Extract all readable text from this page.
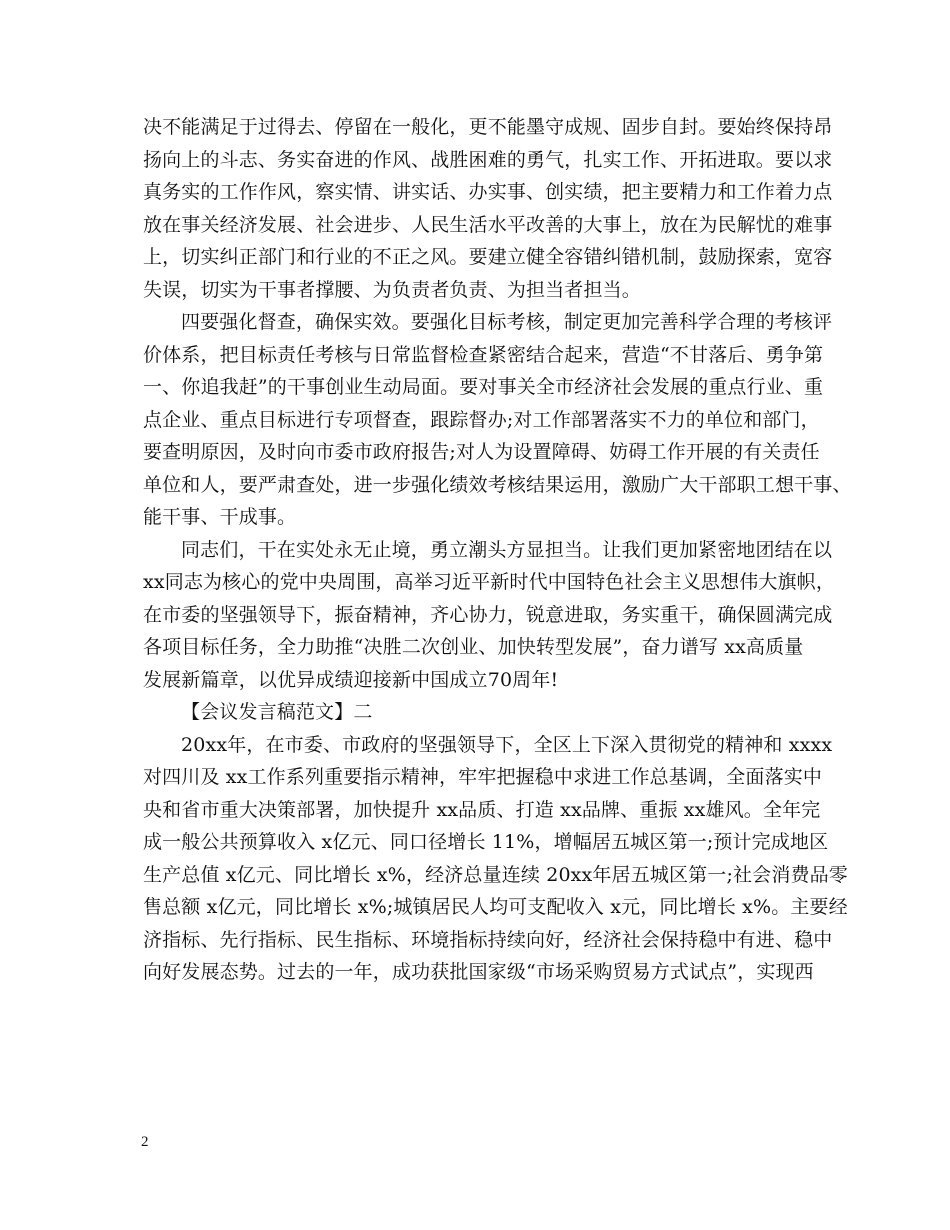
决不能满足于过得去、停留在一般化，更不能墨守成规、固步自封。要始终保持昂
扬向上的斗志、务实奋进的作风、战胜困难的勇气，扎实工作、开拓进取。要以求
真务实的工作作风，察实情、讲实话、办实事、创实绩，把主要精力和工作着力点
放在事关经济发展、社会进步、人民生活水平改善的大事上，放在为民解忧的难事
上，切实纠正部门和行业的不正之风。要建立健全容错纠错机制，鼓励探索，宽容
失误，切实为干事者撑腰、为负责者负责、为担当者担当。
四要强化督查，确保实效。要强化目标考核，制定更加完善科学合理的考核评
价体系，把目标责任考核与日常监督检查紧密结合起来，营造“不甘落后、勇争第
一、你追我赶”的干事创业生动局面。要对事关全市经济社会发展的重点行业、重
点企业、重点目标进行专项督查，跟踪督办;对工作部署落实不力的单位和部门，
要查明原因，及时向市委市政府报告;对人为设置障碍、妨碍工作开展的有关责任
单位和人，要严肃查处，进一步强化绩效考核结果运用，激励广大干部职工想干事、
能干事、干成事。
同志们，干在实处永无止境，勇立潮头方显担当。让我们更加紧密地团结在以
xx同志为核心的党中央周围，高举习近平新时代中国特色社会主义思想伟大旗帜，
在市委的坚强领导下，振奋精神，齐心协力，锐意进取，务实重干，确保圆满完成
各项目标任务，全力助推“决胜二次创业、加快转型发展”，奋力谱写 xx高质量
发展新篇章，以优异成绩迎接新中国成立70周年!
【会议发言稿范文】二
20xx年，在市委、市政府的坚强领导下，全区上下深入贯彻党的精神和 xxxx
对四川及 xx工作系列重要指示精神，牢牢把握稳中求进工作总基调，全面落实中
央和省市重大决策部署，加快提升 xx品质、打造 xx品牌、重振 xx雄风。全年完
成一般公共预算收入 x亿元、同口径增长 11%，增幅居五城区第一;预计完成地区
生产总值 x亿元、同比增长 x%，经济总量连续 20xx年居五城区第一;社会消费品零
售总额 x亿元，同比增长 x%;城镇居民人均可支配收入 x元，同比增长 x%。主要经
济指标、先行指标、民生指标、环境指标持续向好，经济社会保持稳中有进、稳中
向好发展态势。过去的一年，成功获批国家级“市场采购贸易方式试点”，实现西
2
